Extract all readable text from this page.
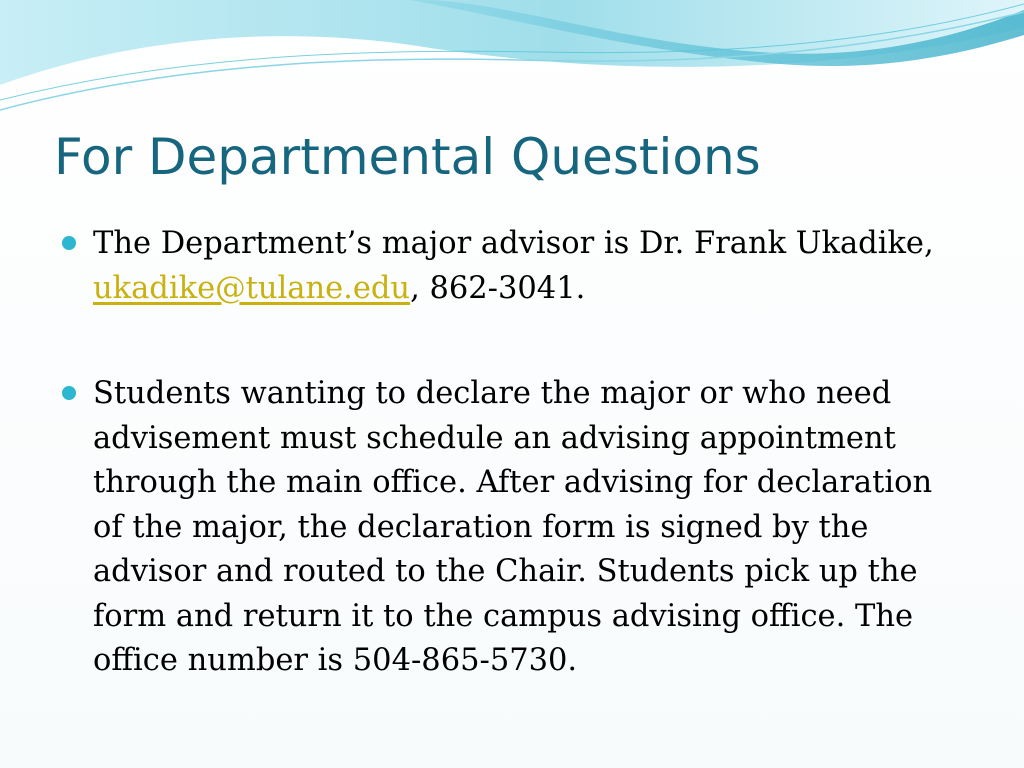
For Departmental Questions

The Department’s major advisor is Dr. Frank Ukadike, ukadike@tulane.edu, 862-3041.

Students wanting to declare the major or who need advisement must schedule an advising appointment through the main office. After advising for declaration of the major, the declaration form is signed by the advisor and routed to the Chair. Students pick up the form and return it to the campus advising office. The office number is 504-865-5730.
